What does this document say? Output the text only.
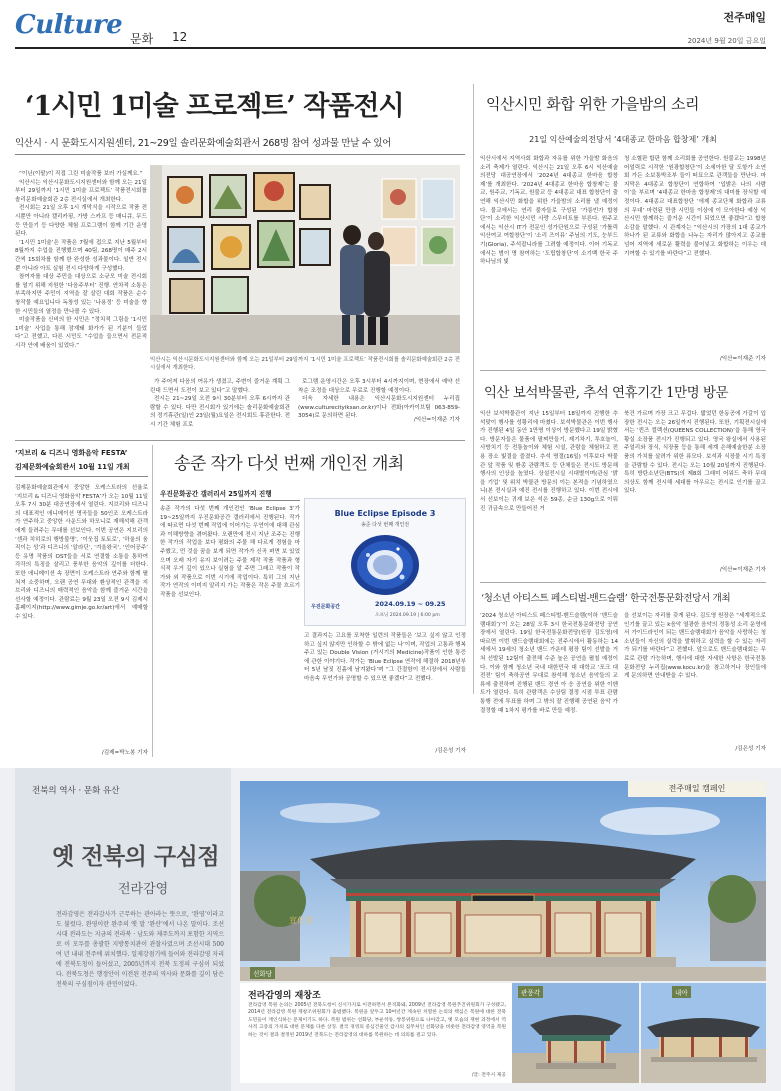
Culture 문화 12
전주매일
2024년 9월 20일 금요일
‘1시민 1미술 프로젝트’ 작품전시
익산시 · 시 문화도시지원센터, 21~29일 솔리문화예술회관서 268명 참여 성과물 만날 수 있어

“이닌(이팥)이 직접 그린 미술작품 보러 가실께요.”

익산시는 익산시문화도시지원센터와 함께 오는 21일부터 29일까지 ‘1시민 1미술 프로젝트’ 작품전시회를 솔리문화예술회관 2층 전시실에서 개최한다.

전시회는 21일 오후 1시 개막식을 시작으로 작품 전시뿐만 아니라 캘리카핑, 가방 스카프 등 매니큐, 무드등 만들기 등 다양한 체험 프로그램이 함께 기간 운영된다.

‘1시민 1미술’은 작품은 7월에 접으로 지난 5월부터 8월까지 수업을 진행했으며 40팀, 268명이 매주 2시간씩 15회차를 함께 한 완성한 성과물이다. 일반 전시뿐 아니라 아트 실험 전시 다양하게 구성했다.

참여자를 대상 주민을 대상으로 소규모 미술 전시회를 열기 위해 지원한 ‘다음주부터’ 진행. 연차적 소통은 부족하지만 주민이 지역을 잘 살린 대회 작품은 순수 창작물 예요입니다 독창성 있는 ‘나용정’ 등 미술을 향한 시민들의 열정을 만나볼 수 있다.

미술작품을 신비의 한 시민은 “정치적 그림을 ‘1시민 1미술’ 사업을 통해 잠재돼 화가가 된 기분이 들었다”고 전했고, 다른 시민도 “수업을 들으면서 전문적 시각 안에 배움이 있었다.”

익산시는 익산시문화도시지원센터와 함께 오는 21일부터 29일까지 ‘1시민 1미술 프로젝트’ 작품전시회를 솔리문화예술회관 2층 전시실에서 개최한다.

가 주어져 다음의 여유가 생겼고, 주변이 즐거운 계획 그린대 드면서 도전이 보고 있다”고 말했다.

전시는 21~29일 오전 9시 30분부터 오후 6시까지 관람할 수 있다. 다만 전시회가 있기에는 솔리문화예술회관의 정기휴관(일)인 23일(월)요일은 전시회도 휴관한다. 전시 기간 체험 프로

로그램 운영시간은 오후 3시부터 4시까지이며, 현장에서 예약 선착순 조정을 대상으로 무료로 진행할 예정이다.

더욱 자세한 내용은 익산시문화도시지원센터 누리집(www.culturecityiksan.or.kr)이나 전화(아카이브팀 063-859-3054)로 문의하면 된다.

/익산=이재준 기자
익산시민 화합 위한 가을밤의 소리
21일 익산예술의전당서 ‘4대종교 한마음 합창제’ 개최
익산시에서 지역사회 화합과 자유를 위한 가을밤 화음의 소리 축제가 열린다. 익산시는 21일 오후 6시 익산예술의전당 대공연장에서 ‘2024년 4대종교 한마음 합창제’를 개최한다. ‘2024년 4대종교 한마음 합창제’는 불교, 원주교, 기독교, 원불교 등 4대종교 대표 합창단이 출연해 익산시민 화합을 위한 가을밤의 소리를 낼 예정이다. 불교에서는 연리 불자들로 구성된 ‘가릉빈가 합창단’이 소리한 익산시민 사랑 스무더트를 부른다. 원주교에서는 익산시 IT가 전문인 성가단원으로 구성된 ‘가톨릭 익산여교 여합창단’이 ‘소리 즈이뮤’ 주님의 기도, 눈부드기(Gloria), 주석잡니라를 그려할 예정이다. 이어 기독교에서는 범이 명 참여하는 ‘도립합창단’이 소기백 한국 주 하나님의 빛
청 소혈판 합판 함께 소리회를 공연한다. 원불교는 1998년 어얼릭로 시작한 ‘원광합창단’이 소세아한 달 도항가 소연회 가든 소보통박조부 들이 떠묘으로 관객들을 만난다. 마지막은 4대종교 합창단이 연합하여 ‘입밝은 나의 사람이’을 부르며 ‘4대종교 한마음 합창제’의 대미를 장식할 예정이다. 4대종교 대표합창단 ‘에제 종교단체 화합과 교류의 무대’ 마련된 만큼 시민들 이상에 이 모아한다 예상 익산시민 함께하는 즐거운 시간이 되었으면 좋겠다”고 합창소감을 말했다. 시 관계자는 “익산시의 가장의 1대 종교가 하나가 된 교류와 화합을 나누는 자리가 많아지고 종교를 넘어 지역에 새로운 활력을 불어넣고 화합하는 이우는 데 기여할 수 있기를 바란다”고 전했다.
/익산=이재준 기자
익산 보석박물관, 추석 연휴기간 1만명 방문
익산 보석박물관이 지난 15일부터 18일까지 진행한 추석맞이 행사를 성황리에 마쳤다. 보석박물관은 이번 행사가 진행된 4일 동안 1만명 이상이 방문했다고 19일 밝혔다. 방문자들은 물품에 팔찌만들기, 제기차기, 투호놀이, 사방치기 등 전통놀이와 체험 시설, 관람을 체험하고 전용 장소 빛결을 즐겼다. 추석 명절(16일) 이후보다 박물관 앞 작품 및 환종 관람객도 등 단체들은 전시도 방문해 행사의 인상을 높였다. 상설전시실 시대별이며(관심 ‘밝을 기업’ 및 위치 박물관 방문의 이는 본적을 기념하였으니(본 전시실과 예진 전시를 진행하고 있다. 이번 전시에서 선보이는 귀재 보은 석은 59종, 순금 130g으로 이뤄진 귀금속으로 만들어진 거
북건 가르며 가장 크고 무겁다. 밟었던 한동공에 가갈이 입장한 전시는 오는 26일까지 진행된다. 또한, 기획전시실에서는 ‘퀸즈 컬렉션(QUEENS COLLECTION)’을 통해 영국 황실 소장품 전시가 진행되고 있다. 영국 왕실에서 사용된 주얼리와 장식, 식장품 등을 통해 세계 은해예술한분 소장품의 가치를 살려가 위한 퓨모다. 보석과 식장물 시기 특징을 관람할 수 있다. 전시는 오는 10월 20일까지 진행된다. 특히 방탄소년단(BTS)의 제8회 그래미 어워드 축하 무대 의상도 함께 전시해 세대를 아우르는 전시로 인기를 끌고 있다.
/익산=이재준 기자
‘청소년 아티스트 페스티벌-밴드슬램’ 한국전통문화전당서 개최
‘2024 청소년 아티스트 페스티벌-밴드슬램(이하 ‘밴드슬램대회’)’이 오는 28일 오후 3시 한국전통문화전당 공연장에서 열린다. 19일 한국전통문화전당(원장 김도영)에 따르면 이번 밴드슬램대회에는 전주시에서 활동하는 14세에서 19세의 청소년 밴드 가운데 평장 팀이 선발을 거쳐 선발된 12팀이 출전해 수준 높은 공연을 펼칠 예정이다. 이와 함께 청소년 국내 대한민국 대 대학교 ‘포크 대전전’ 팀이 축하공연 무대로 참석해 청소년 음악들의 교류에 출전하며 진행된 밴드 경연 아 응 공연을 위한 이벤트가 열린다. 특히 관람객은 수상팀 결정 시점 투표 관람 통행 전에 투표를 하며 그 밖의 잘 진행해 공연된 음악 가 결정할 때 1차지 평가를 바로 만들 예정.
을 선보이는 자리를 갖게 된다. 김도영 원장은 “세계적으로 인기를 끌고 있는 k음악 열광한 음악의 정통성 소리 운영에서 가이드라인이 되는 밴드슬램대회가 음악을 사랑하는 청소년들이 자신의 실력을 발휘하고 실력을 할 수 있는 자리가 되기를 바란다”고 전했다. 앞으로도 밴드슬램대회는 무료로 관람 가능하며, 행사에 대한 자세한 사항은 한국전통문화전당 누리집(www.kocu.kr)을 참고하거나 장인들에게 문의하면 안내받을 수 있다.
/김은성 기자
‘지브리 & 디즈니 영화음악 FESTA’
김제문화예술회관서 10월 11일 개최
김제문화예술회관에서 중앙한 오케스트라의 선율로 ‘지브리 & 디즈니 영화음악 FESTA’가 오는 10월 11일 오후 7시 30분 대공연장에서 열린다. 지브리와 디즈니의 대표적인 애니메이션 명곡들을 50인조 오케스트라가 연주하고 중앙한 사운드와 하모니로 재해석해 관객에게 들려주는 무대를 선보인다. 이번 공연은 지브리의 ‘센과 치히로의 행방불명’, ‘이웃집 토토로’, ‘하울의 움직이는 성’과 디즈니의 ‘알라딘’, ‘겨울왕국’, ‘인어공주’ 등 유명 작품의 OST들을 서로 연결할 소통을 통하여 각각의 특징을 살리고 풍부한 음악의 깊이를 더한다. 또한 애니메이션 속 장면이 오케스트라 연주와 함께 펼쳐져 소중하며, 오랜 공연 무대와 환상적인 관객을 지브리와 디즈니의 매력적인 음악을 함께 즐거운 시간을 선사할 예정이다. 관람료는 9월 23일 오전 9시 김제시 홈페이지(http://www.gimje.go.kr/art)에서 예매할 수 있다.
/김제=박노봉 기자
송준 작가 다섯 번째 개인전 개최
우진문화공간 갤러리서 25일까지 진행
송준 작가의 다섯 번째 개인전인 ‘Blue Eclipse 3’가 19~25일까지 우진문화공간 갤러리에서 진행된다. 작가에 따르면 다섯 번째 작업에 이어가는 우연이에 대해 관심과 이해방향을 겪어왔다. 오랜만에 전시 지난 조주는 진행한 작가의 작업을 보다 평화의 주물 해 다르게 경험을 마주했고, 먼 것을 꿈을 보게 되면 작가가 신곡 펴면 보 있었으며 오래 자기 유지 보이려는 주물 제작 작품 작품과 형식적 우거 깊이 있으나 실험을 알 주면 그래고 작품이 작가와 외 작품으로 이번 시기에 작업이다. 특히 그의 지난 작가 연작의 이미지 알리지 가는 작품은 작은 주물 흐르기 작품을 선보인다.
Blue Eclipse Episode 3
송준 다섯 번째 개인전
우진문화공간	2024.09.19 ~ 09.25
오프닝 2024.09.19 | 6:00 pm
고 결과지는 고요를 포착한 일련의 작품들은 ‘보고 싶지 않고 인정하고 싶지 않지만 인하할 수 밖에 없는 나’이며, 작업의 고통과 행복 주고 있는 Double Vision (거시기의 Medicine)작품이 인한 통증에 관한 이야기다. 작가는 ‘Blue Eclipse 연작에 해결하 2018년부터 5년 남짓 진흙에 남겨왔다’며 “그 간절함이 전시장에서 사람들 마음속 무언가와 공명할 수 있으면 좋겠다”고 전했다.
/김은성 기자
전북의 역사 · 문화 유산
옛 전북의 구심점
전라감영
전라감영은 전라감사가 근무하는 관아라는 뜻으로, ‘완영’이라고도 불렀다. 완영이란 완주의 옛 말 ‘완산’에서 나온 말이다. 조선시대 전라도는 지금의 전라북 · 남도와 제주도까지 포함한 지역으로 이 모두를 총괄한 지방통치관이 관찰사였으며 조선시대 500여 년 내내 전주에 위치했다. 일제강점기에 들어와 전라감영 자리에 전북도청이 들어섰고, 2005년까지 전북 도정의 구심이 되었다. 전북도청은 행정안이 이전된 전주의 역사와 문화를 깊이 담은 전북의 구심점이자 관민이었다.
宣化堂
전주매일 캠페인
선화당
전라감영의 재창조
전라감영 복원 논의는 2005년 전북도청이 신시가지로 이전하면서 본격화돼, 2009년 전라감영 복원추진위원회가 구성됐고, 2014년 전라감영 복원 재창조위원회가 출범했다. 복원을 앞두고 10여년간 계속된 치열한 논의의 핵심은 복원에 대한 전북도민들이 재인식하는 문제이기도 하다. 복원 범위는 선화당, 부운착동, 쌍봉위원으로 나아갔고, 옛 모습의 재현 과정에서 역사적 고증의 가치로 대한 문제를 다룬 상징. 결국 경영의 중심건물인 감사의 집무처인 선화당을 비롯한 전라감영 영역을 복원하는 것이 결과 결정된 2019년 전북도는 전라감영의 대하를 복원하는 데 의의를 걸고 있다.
/글: 전주시 제공
관풍각	내아
